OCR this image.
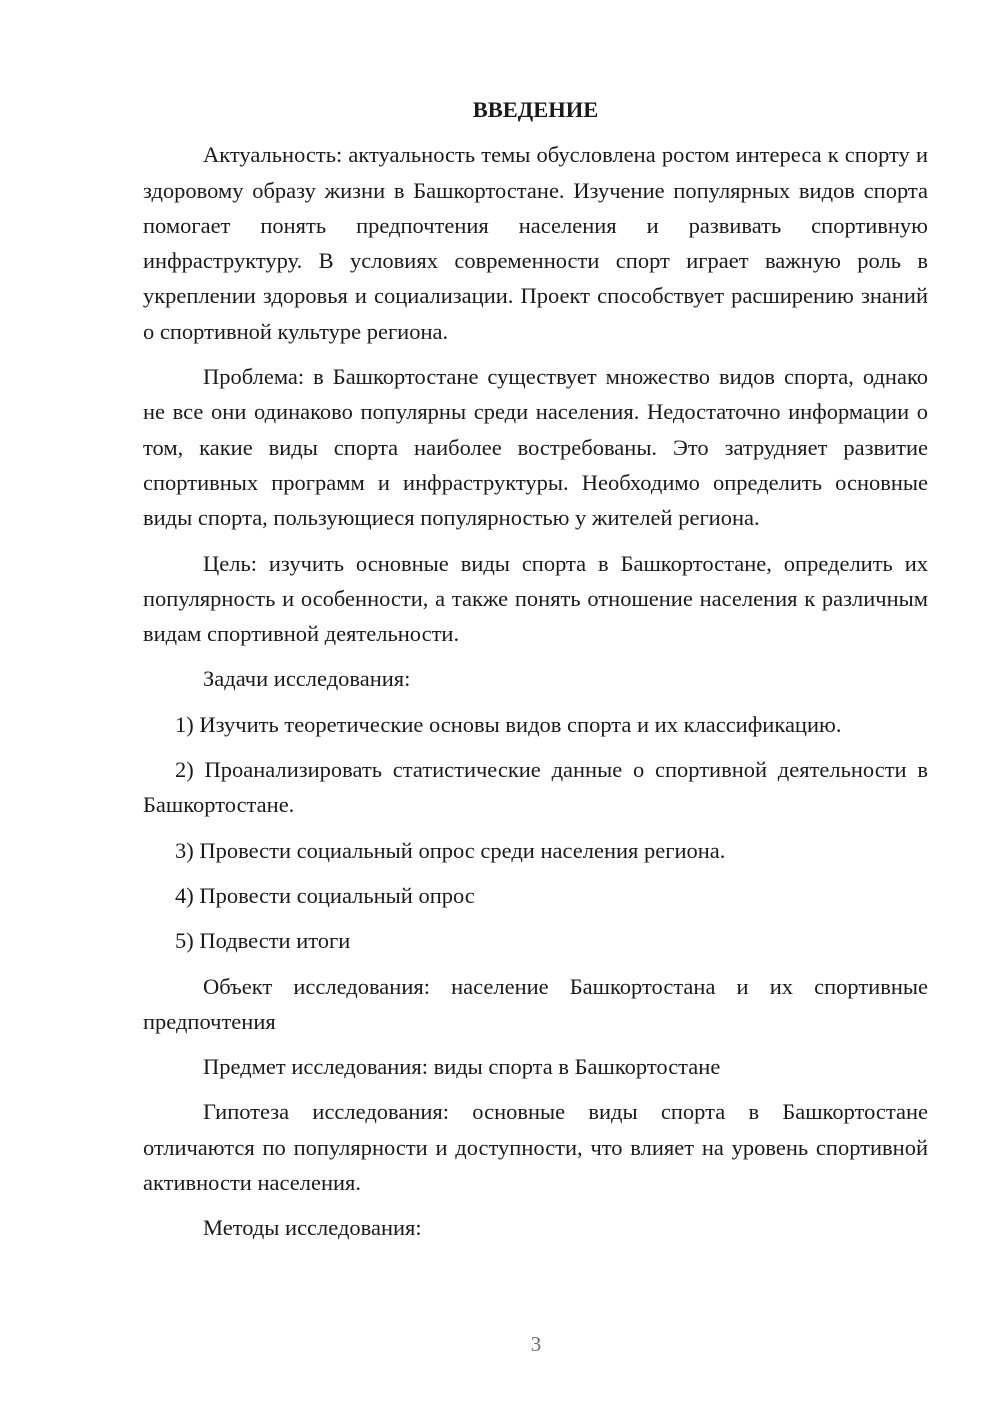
ВВЕДЕНИЕ
Актуальность: актуальность темы обусловлена ростом интереса к спорту и здоровому образу жизни в Башкортостане. Изучение популярных видов спорта помогает понять предпочтения населения и развивать спортивную инфраструктуру. В условиях современности спорт играет важную роль в укреплении здоровья и социализации. Проект способствует расширению знаний о спортивной культуре региона.
Проблема: в Башкортостане существует множество видов спорта, однако не все они одинаково популярны среди населения. Недостаточно информации о том, какие виды спорта наиболее востребованы. Это затрудняет развитие спортивных программ и инфраструктуры. Необходимо определить основные виды спорта, пользующиеся популярностью у жителей региона.
Цель: изучить основные виды спорта в Башкортостане, определить их популярность и особенности, а также понять отношение населения к различным видам спортивной деятельности.
Задачи исследования:
1) Изучить теоретические основы видов спорта и их классификацию.
2) Проанализировать статистические данные о спортивной деятельности в Башкортостане.
3) Провести социальный опрос среди населения региона.
4) Провести социальный опрос
5) Подвести итоги
Объект исследования: население Башкортостана и их спортивные предпочтения
Предмет исследования: виды спорта в Башкортостане
Гипотеза исследования: основные виды спорта в Башкортостане отличаются по популярности и доступности, что влияет на уровень спортивной активности населения.
Методы исследования:
3
